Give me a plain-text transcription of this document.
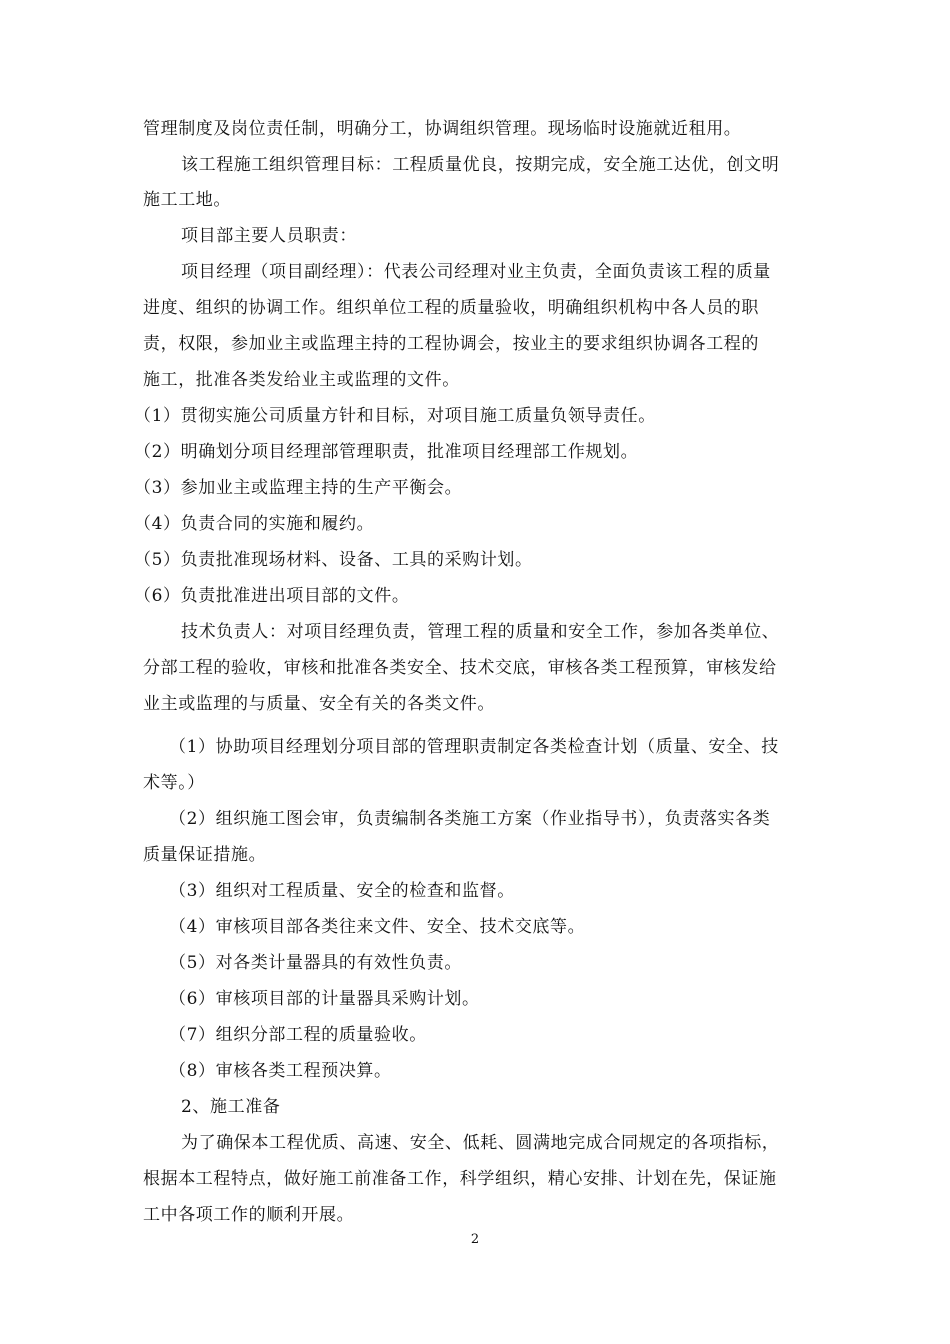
管理制度及岗位责任制，明确分工，协调组织管理。现场临时设施就近租用。
该工程施工组织管理目标：工程质量优良，按期完成，安全施工达优，创文明
施工工地。
项目部主要人员职责：
项目经理（项目副经理）：代表公司经理对业主负责，全面负责该工程的质量
进度、组织的协调工作。组织单位工程的质量验收，明确组织机构中各人员的职
责，权限，参加业主或监理主持的工程协调会，按业主的要求组织协调各工程的
施工，批准各类发给业主或监理的文件。
（1）贯彻实施公司质量方针和目标，对项目施工质量负领导责任。
（2）明确划分项目经理部管理职责，批准项目经理部工作规划。
（3）参加业主或监理主持的生产平衡会。
（4）负责合同的实施和履约。
（5）负责批准现场材料、设备、工具的采购计划。
（6）负责批准进出项目部的文件。
技术负责人：对项目经理负责，管理工程的质量和安全工作，参加各类单位、
分部工程的验收，审核和批准各类安全、技术交底，审核各类工程预算，审核发给
业主或监理的与质量、安全有关的各类文件。
（1）协助项目经理划分项目部的管理职责制定各类检查计划（质量、安全、技
术等。）
（2）组织施工图会审，负责编制各类施工方案（作业指导书），负责落实各类
质量保证措施。
（3）组织对工程质量、安全的检查和监督。
（4）审核项目部各类往来文件、安全、技术交底等。
（5）对各类计量器具的有效性负责。
（6）审核项目部的计量器具采购计划。
（7）组织分部工程的质量验收。
（8）审核各类工程预决算。
2、施工准备
为了确保本工程优质、高速、安全、低耗、圆满地完成合同规定的各项指标，
根据本工程特点，做好施工前准备工作，科学组织，精心安排、计划在先，保证施
工中各项工作的顺利开展。
2
